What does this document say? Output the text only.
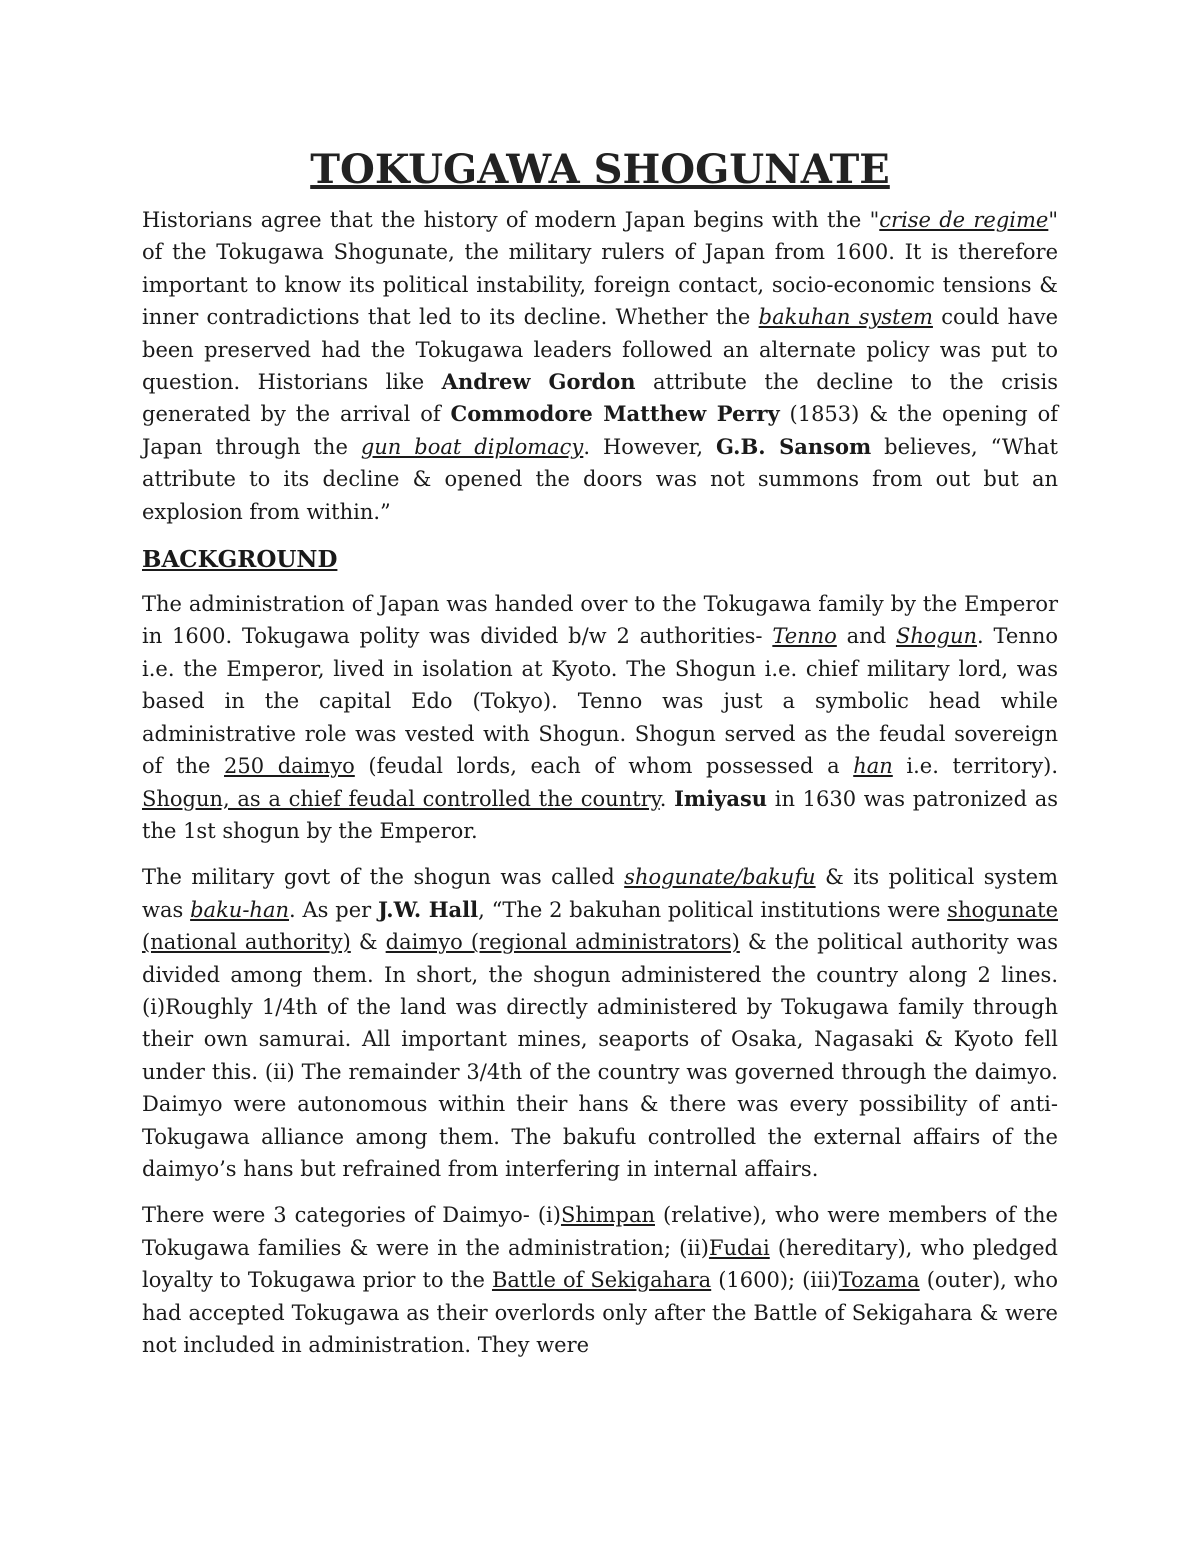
TOKUGAWA SHOGUNATE

Historians agree that the history of modern Japan begins with the "crise de regime" of the Tokugawa Shogunate, the military rulers of Japan from 1600. It is therefore important to know its political instability, foreign contact, socio-economic tensions & inner contradictions that led to its decline. Whether the bakuhan system could have been preserved had the Tokugawa leaders followed an alternate policy was put to question. Historians like Andrew Gordon attribute the decline to the crisis generated by the arrival of Commodore Matthew Perry (1853) & the opening of Japan through the gun boat diplomacy. However, G.B. Sansom believes, “What attribute to its decline & opened the doors was not summons from out but an explosion from within.”

BACKGROUND

The administration of Japan was handed over to the Tokugawa family by the Emperor in 1600. Tokugawa polity was divided b/w 2 authorities- Tenno and Shogun. Tenno i.e. the Emperor, lived in isolation at Kyoto. The Shogun i.e. chief military lord, was based in the capital Edo (Tokyo). Tenno was just a symbolic head while administrative role was vested with Shogun. Shogun served as the feudal sovereign of the 250 daimyo (feudal lords, each of whom possessed a han i.e. territory). Shogun, as a chief feudal controlled the country. Imiyasu in 1630 was patronized as the 1st shogun by the Emperor.

The military govt of the shogun was called shogunate/bakufu & its political system was baku-han. As per J.W. Hall, “The 2 bakuhan political institutions were shogunate (national authority) & daimyo (regional administrators) & the political authority was divided among them. In short, the shogun administered the country along 2 lines. (i)Roughly 1/4th of the land was directly administered by Tokugawa family through their own samurai. All important mines, seaports of Osaka, Nagasaki & Kyoto fell under this. (ii) The remainder 3/4th of the country was governed through the daimyo. Daimyo were autonomous within their hans & there was every possibility of anti-Tokugawa alliance among them. The bakufu controlled the external affairs of the daimyo’s hans but refrained from interfering in internal affairs.

There were 3 categories of Daimyo- (i)Shimpan (relative), who were members of the Tokugawa families & were in the administration; (ii)Fudai (hereditary), who pledged loyalty to Tokugawa prior to the Battle of Sekigahara (1600); (iii)Tozama (outer), who had accepted Tokugawa as their overlords only after the Battle of Sekigahara & were not included in administration. They were
